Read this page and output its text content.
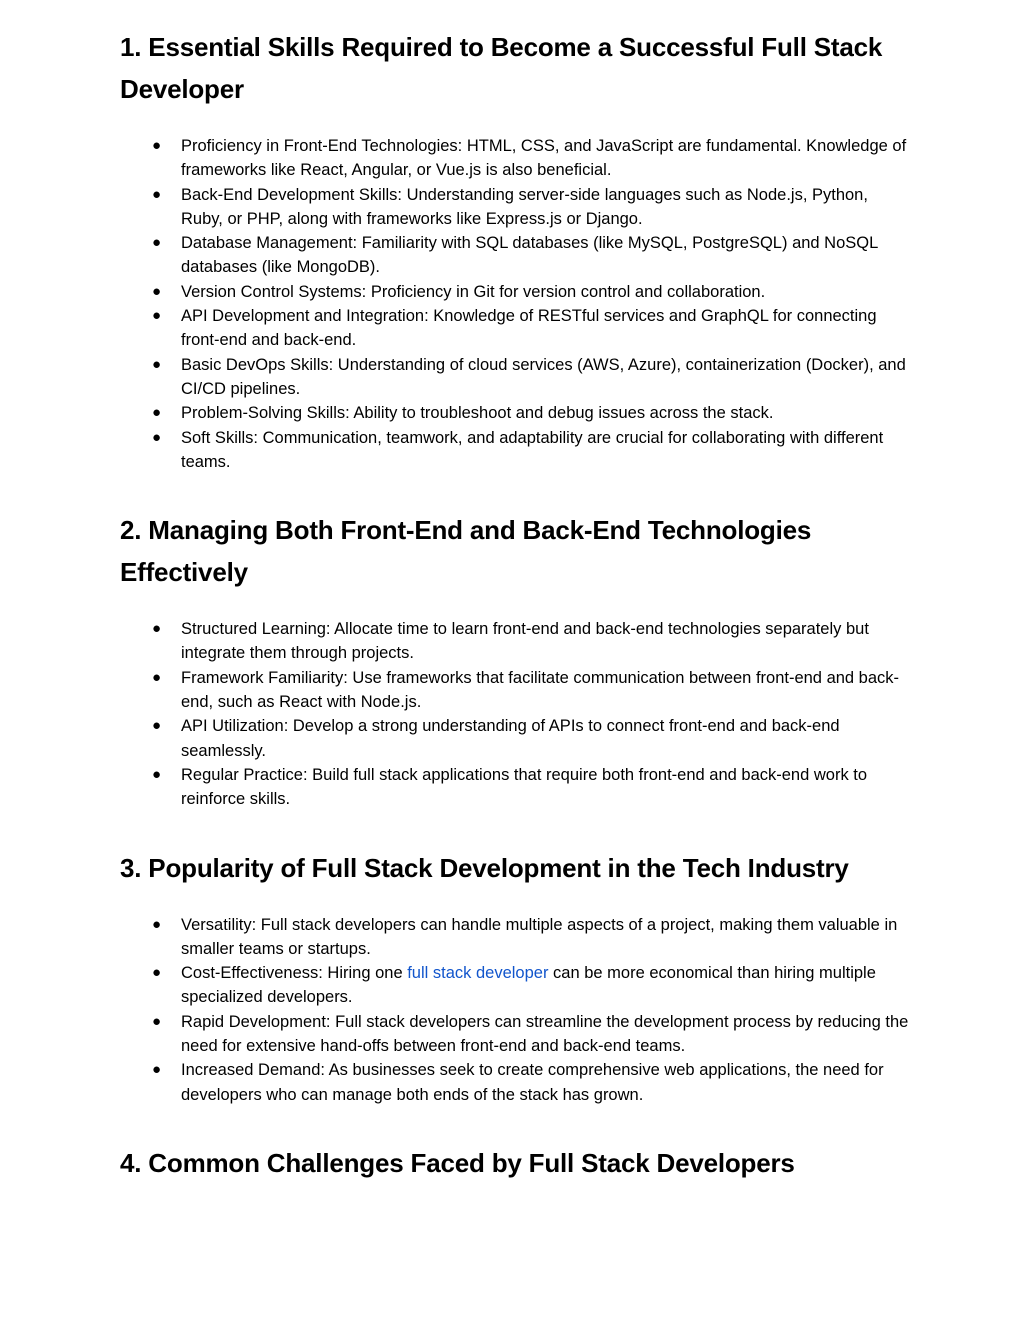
1. Essential Skills Required to Become a Successful Full Stack Developer
● Proficiency in Front-End Technologies: HTML, CSS, and JavaScript are fundamental. Knowledge of frameworks like React, Angular, or Vue.js is also beneficial.
● Back-End Development Skills: Understanding server-side languages such as Node.js, Python, Ruby, or PHP, along with frameworks like Express.js or Django.
● Database Management: Familiarity with SQL databases (like MySQL, PostgreSQL) and NoSQL databases (like MongoDB).
● Version Control Systems: Proficiency in Git for version control and collaboration.
● API Development and Integration: Knowledge of RESTful services and GraphQL for connecting front-end and back-end.
● Basic DevOps Skills: Understanding of cloud services (AWS, Azure), containerization (Docker), and CI/CD pipelines.
● Problem-Solving Skills: Ability to troubleshoot and debug issues across the stack.
● Soft Skills: Communication, teamwork, and adaptability are crucial for collaborating with different teams.
2. Managing Both Front-End and Back-End Technologies Effectively
● Structured Learning: Allocate time to learn front-end and back-end technologies separately but integrate them through projects.
● Framework Familiarity: Use frameworks that facilitate communication between front-end and back-end, such as React with Node.js.
● API Utilization: Develop a strong understanding of APIs to connect front-end and back-end seamlessly.
● Regular Practice: Build full stack applications that require both front-end and back-end work to reinforce skills.
3. Popularity of Full Stack Development in the Tech Industry
● Versatility: Full stack developers can handle multiple aspects of a project, making them valuable in smaller teams or startups.
● Cost-Effectiveness: Hiring one full stack developer can be more economical than hiring multiple specialized developers.
● Rapid Development: Full stack developers can streamline the development process by reducing the need for extensive hand-offs between front-end and back-end teams.
● Increased Demand: As businesses seek to create comprehensive web applications, the need for developers who can manage both ends of the stack has grown.
4. Common Challenges Faced by Full Stack Developers
